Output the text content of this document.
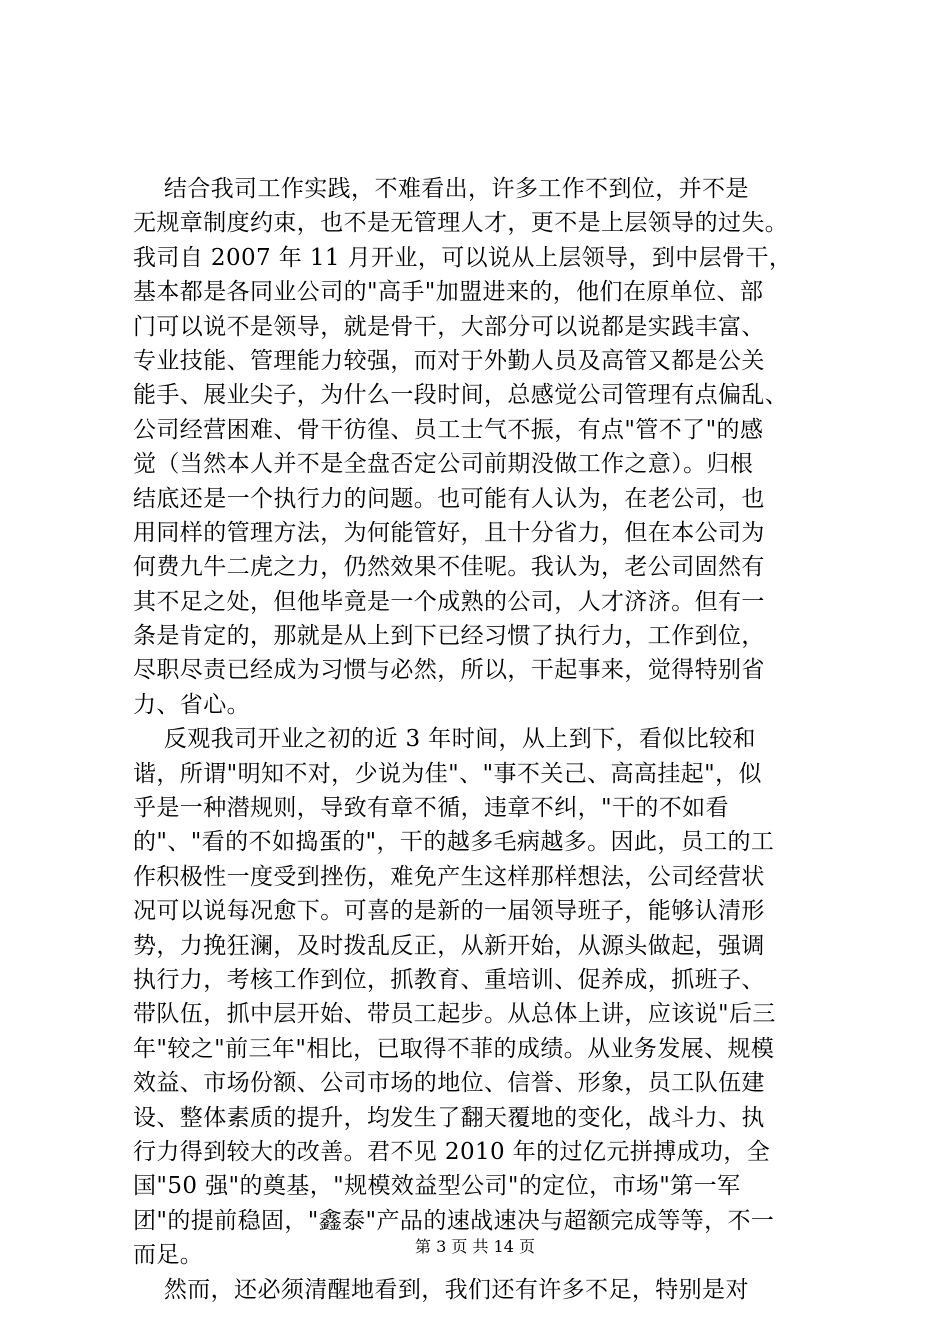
结合我司工作实践，不难看出，许多工作不到位，并不是
无规章制度约束，也不是无管理人才，更不是上层领导的过失。
我司自 2007 年 11 月开业，可以说从上层领导，到中层骨干，
基本都是各同业公司的"高手"加盟进来的，他们在原单位、部
门可以说不是领导，就是骨干，大部分可以说都是实践丰富、
专业技能、管理能力较强，而对于外勤人员及高管又都是公关
能手、展业尖子，为什么一段时间，总感觉公司管理有点偏乱、
公司经营困难、骨干彷徨、员工士气不振，有点"管不了"的感
觉（当然本人并不是全盘否定公司前期没做工作之意）。归根
结底还是一个执行力的问题。也可能有人认为，在老公司，也
用同样的管理方法，为何能管好，且十分省力，但在本公司为
何费九牛二虎之力，仍然效果不佳呢。我认为，老公司固然有
其不足之处，但他毕竟是一个成熟的公司，人才济济。但有一
条是肯定的，那就是从上到下已经习惯了执行力，工作到位，
尽职尽责已经成为习惯与必然，所以，干起事来，觉得特别省
力、省心。
反观我司开业之初的近 3 年时间，从上到下，看似比较和
谐，所谓"明知不对，少说为佳"、"事不关己、高高挂起"，似
乎是一种潜规则，导致有章不循，违章不纠，"干的不如看
的"、"看的不如捣蛋的"，干的越多毛病越多。因此，员工的工
作积极性一度受到挫伤，难免产生这样那样想法，公司经营状
况可以说每况愈下。可喜的是新的一届领导班子，能够认清形
势，力挽狂澜，及时拨乱反正，从新开始，从源头做起，强调
执行力，考核工作到位，抓教育、重培训、促养成，抓班子、
带队伍，抓中层开始、带员工起步。从总体上讲，应该说"后三
年"较之"前三年"相比，已取得不菲的成绩。从业务发展、规模
效益、市场份额、公司市场的地位、信誉、形象，员工队伍建
设、整体素质的提升，均发生了翻天覆地的变化，战斗力、执
行力得到较大的改善。君不见 2010 年的过亿元拼搏成功，全
国"50 强"的奠基，"规模效益型公司"的定位，市场"第一军
团"的提前稳固，"鑫泰"产品的速战速决与超额完成等等，不一
而足。
然而，还必须清醒地看到，我们还有许多不足，特别是对
第 3 页 共 14 页
